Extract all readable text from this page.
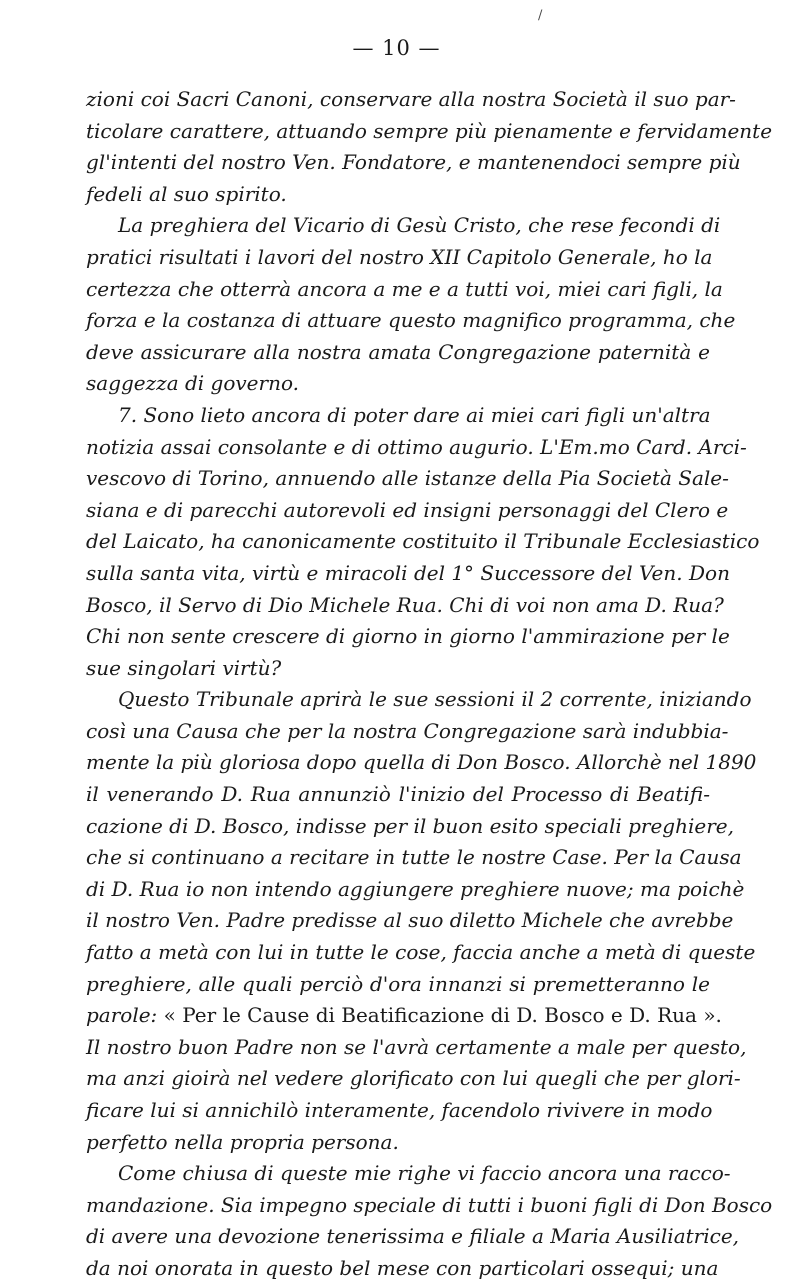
/
— 10 —
zioni coi Sacri Canoni, conservare alla nostra Società il suo par-
ticolare carattere, attuando sempre più pienamente e fervidamente
gl'intenti del nostro Ven. Fondatore, e mantenendoci sempre più
fedeli al suo spirito.
La preghiera del Vicario di Gesù Cristo, che rese fecondi di
pratici risultati i lavori del nostro XII Capitolo Generale, ho la
certezza che otterrà ancora a me e a tutti voi, miei cari figli, la
forza e la costanza di attuare questo magnifico programma, che
deve assicurare alla nostra amata Congregazione paternità e
saggezza di governo.
7. Sono lieto ancora di poter dare ai miei cari figli un'altra
notizia assai consolante e di ottimo augurio. L'Em.mo Card. Arci-
vescovo di Torino, annuendo alle istanze della Pia Società Sale-
siana e di parecchi autorevoli ed insigni personaggi del Clero e
del Laicato, ha canonicamente costituito il Tribunale Ecclesiastico
sulla santa vita, virtù e miracoli del 1° Successore del Ven. Don
Bosco, il Servo di Dio Michele Rua. Chi di voi non ama D. Rua?
Chi non sente crescere di giorno in giorno l'ammirazione per le
sue singolari virtù?
Questo Tribunale aprirà le sue sessioni il 2 corrente, iniziando
così una Causa che per la nostra Congregazione sarà indubbia-
mente la più gloriosa dopo quella di Don Bosco. Allorchè nel 1890
il venerando D. Rua annunziò l'inizio del Processo di Beatifi-
cazione di D. Bosco, indisse per il buon esito speciali preghiere,
che si continuano a recitare in tutte le nostre Case. Per la Causa
di D. Rua io non intendo aggiungere preghiere nuove; ma poichè
il nostro Ven. Padre predisse al suo diletto Michele che avrebbe
fatto a metà con lui in tutte le cose, faccia anche a metà di queste
preghiere, alle quali perciò d'ora innanzi si premetteranno le
parole: « Per le Cause di Beatificazione di D. Bosco e D. Rua ».
Il nostro buon Padre non se l'avrà certamente a male per questo,
ma anzi gioirà nel vedere glorificato con lui quegli che per glori-
ficare lui si annichilò interamente, facendolo rivivere in modo
perfetto nella propria persona.
Come chiusa di queste mie righe vi faccio ancora una racco-
mandazione. Sia impegno speciale di tutti i buoni figli di Don Bosco
di avere una devozione tenerissima e filiale a Maria Ausiliatrice,
da noi onorata in questo bel mese con particolari ossequi; una
